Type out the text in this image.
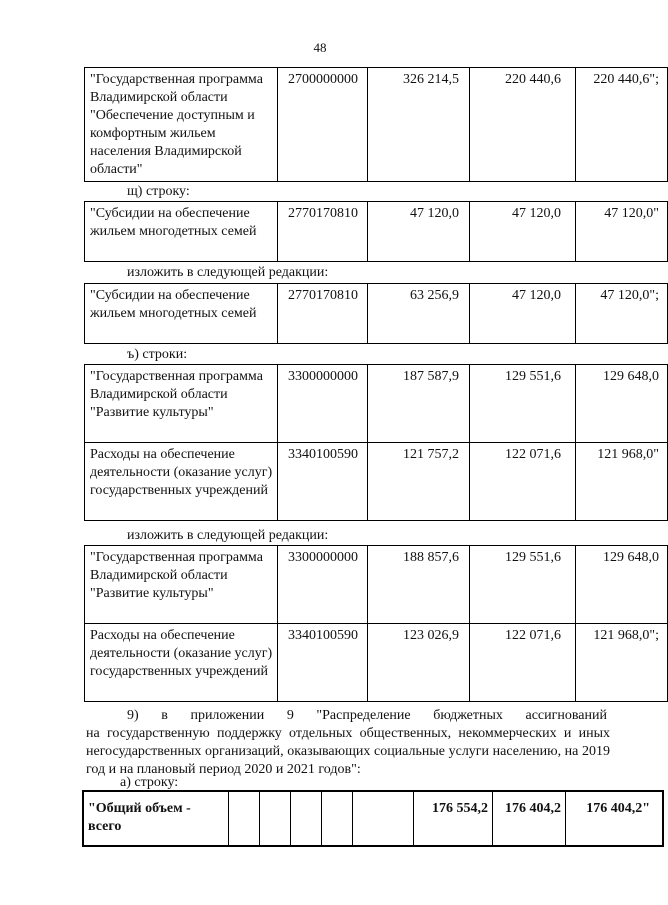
48
"Государственная программа Владимирской области "Обеспечение доступным и комфортным жильем населения Владимирской области"	2700000000	326 214,5	220 440,6	220 440,6";
щ) строку:
"Субсидии на обеспечение жильем многодетных семей	2770170810	47 120,0	47 120,0	47 120,0"
изложить в следующей редакции:
"Субсидии на обеспечение жильем многодетных семей	2770170810	63 256,9	47 120,0	47 120,0";
ъ) строки:
"Государственная программа Владимирской области "Развитие культуры"	3300000000	187 587,9	129 551,6	129 648,0
Расходы на обеспечение деятельности (оказание услуг) государственных учреждений	3340100590	121 757,2	122 071,6	121 968,0"
изложить в следующей редакции:
"Государственная программа Владимирской области "Развитие культуры"	3300000000	188 857,6	129 551,6	129 648,0
Расходы на обеспечение деятельности (оказание услуг) государственных учреждений	3340100590	123 026,9	122 071,6	121 968,0";
9) в приложении 9 "Распределение бюджетных ассигнований
на государственную поддержку отдельных общественных, некоммерческих и иных негосударственных организаций, оказывающих социальные услуги населению, на 2019 год и на плановый период 2020 и 2021 годов":
а) строку:
"Общий объем - всего						176 554,2	176 404,2	176 404,2"
